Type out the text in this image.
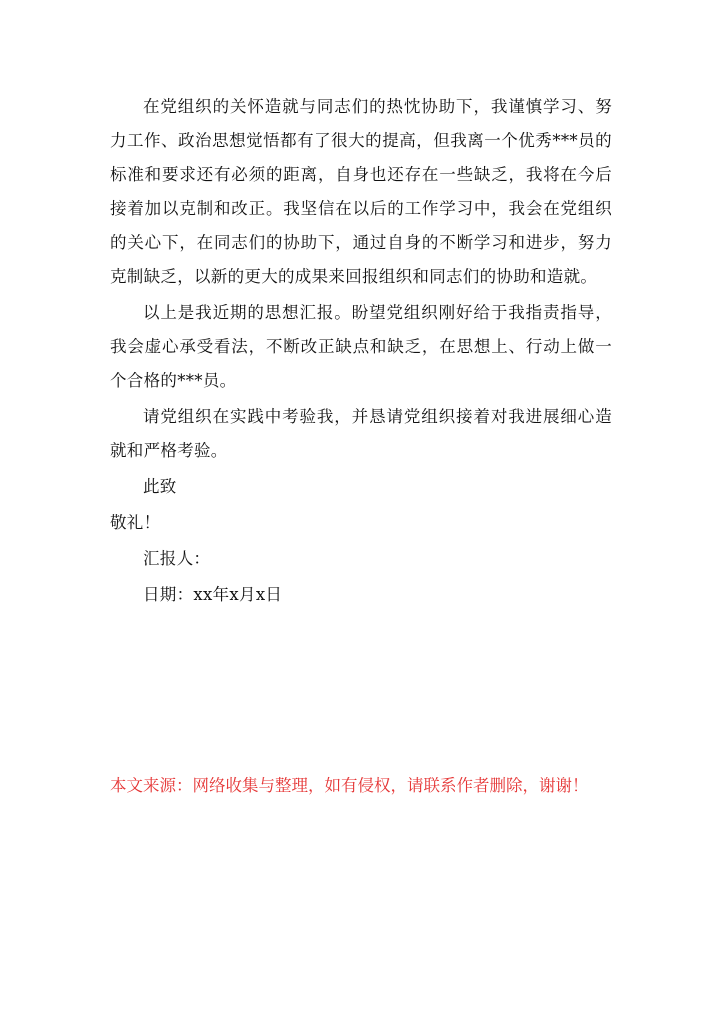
在党组织的关怀造就与同志们的热忱协助下，我谨慎学习、努力工作、政治思想觉悟都有了很大的提高，但我离一个优秀***员的标准和要求还有必须的距离，自身也还存在一些缺乏，我将在今后接着加以克制和改正。我坚信在以后的工作学习中，我会在党组织的关心下，在同志们的协助下，通过自身的不断学习和进步，努力克制缺乏，以新的更大的成果来回报组织和同志们的协助和造就。

以上是我近期的思想汇报。盼望党组织刚好给于我指责指导，我会虚心承受看法，不断改正缺点和缺乏，在思想上、行动上做一个合格的***员。

请党组织在实践中考验我，并恳请党组织接着对我进展细心造就和严格考验。

此致
敬礼！
汇报人：
日期：xx年x月x日
本文来源：网络收集与整理，如有侵权，请联系作者删除，谢谢！
